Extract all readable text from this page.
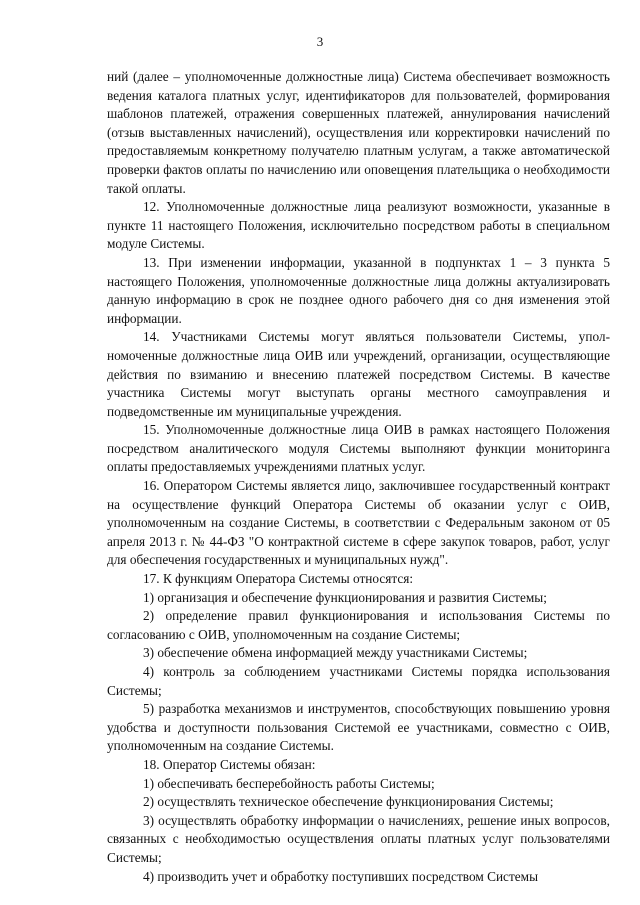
3

ний (далее – уполномоченные должностные лица) Система обеспечивает возможность ведения каталога платных услуг, идентификаторов для пользователей, формирования шаблонов платежей, отражения совершенных платежей, аннулирования начислений (отзыв выставленных начислений), осуществления или корректировки начислений по предоставляемым конкретному получателю платным услугам, а также автоматической проверки фактов оплаты по начислению или оповещения плательщика о необходимости такой оплаты.

12. Уполномоченные должностные лица реализуют возможности, указанные в пункте 11 настоящего Положения, исключительно посредством работы в специальном модуле Системы.

13. При изменении информации, указанной в подпунктах 1 – 3 пункта 5 настоящего Положения, уполномоченные должностные лица должны актуализировать данную информацию в срок не позднее одного рабочего дня со дня изменения этой информации.

14. Участниками Системы могут являться пользователи Системы, уполномоченные должностные лица ОИВ или учреждений, организации, осуществляющие действия по взиманию и внесению платежей посредством Системы. В качестве участника Системы могут выступать органы местного самоуправления и подведомственные им муниципальные учреждения.

15. Уполномоченные должностные лица ОИВ в рамках настоящего Положения посредством аналитического модуля Системы выполняют функции мониторинга оплаты предоставляемых учреждениями платных услуг.

16. Оператором Системы является лицо, заключившее государственный контракт на осуществление функций Оператора Системы об оказании услуг с ОИВ, уполномоченным на создание Системы, в соответствии с Федеральным законом от 05 апреля 2013 г. № 44-ФЗ "О контрактной системе в сфере закупок товаров, работ, услуг для обеспечения государственных и муниципальных нужд".

17. К функциям Оператора Системы относятся:

1) организация и обеспечение функционирования и развития Системы;

2) определение правил функционирования и использования Системы по согласованию с ОИВ, уполномоченным на создание Системы;

3) обеспечение обмена информацией между участниками Системы;

4) контроль за соблюдением участниками Системы порядка использования Системы;

5) разработка механизмов и инструментов, способствующих повышению уровня удобства и доступности пользования Системой ее участниками, совместно с ОИВ, уполномоченным на создание Системы.

18. Оператор Системы обязан:

1) обеспечивать бесперебойность работы Системы;

2) осуществлять техническое обеспечение функционирования Системы;

3) осуществлять обработку информации о начислениях, решение иных вопросов, связанных с необходимостью осуществления оплаты платных услуг пользователями Системы;

4) производить учет и обработку поступивших посредством Системы
